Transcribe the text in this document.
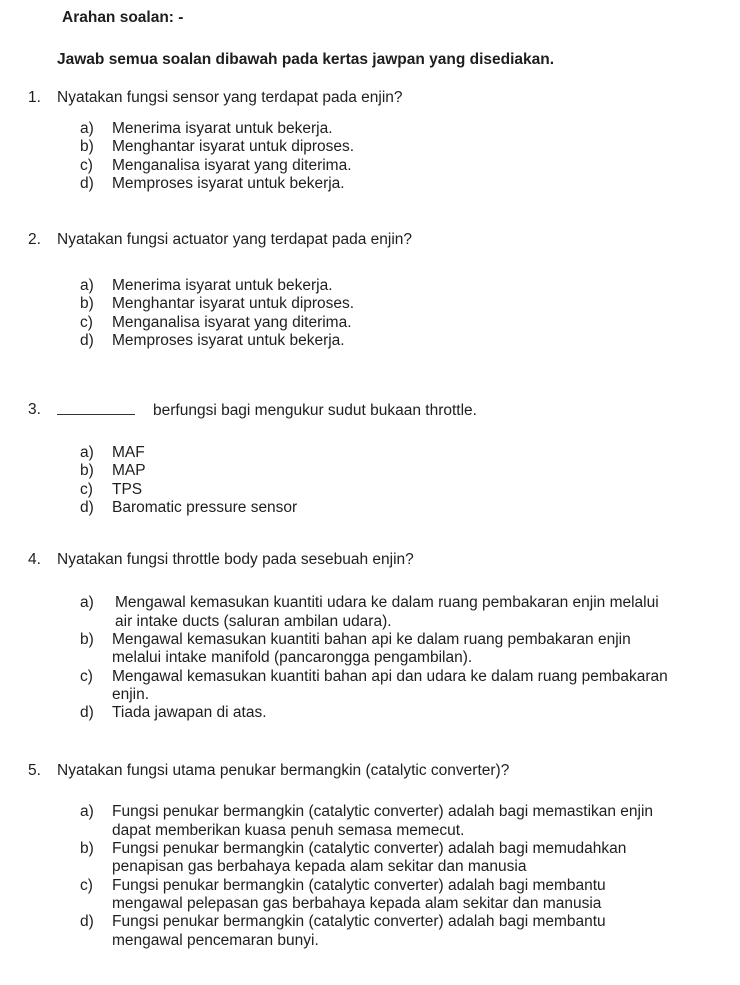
Arahan soalan: -
Jawab semua soalan dibawah pada kertas jawpan yang disediakan.
1. Nyatakan fungsi sensor yang terdapat pada enjin?
a) Menerima isyarat untuk bekerja.
b) Menghantar isyarat untuk diproses.
c) Menganalisa isyarat yang diterima.
d) Memproses isyarat untuk bekerja.
2. Nyatakan fungsi actuator yang terdapat pada enjin?
a) Menerima isyarat untuk bekerja.
b) Menghantar isyarat untuk diproses.
c) Menganalisa isyarat yang diterima.
d) Memproses isyarat untuk bekerja.
3.	berfungsi bagi mengukur sudut bukaan throttle.
a) MAF
b) MAP
c) TPS
d) Baromatic pressure sensor
4. Nyatakan fungsi throttle body pada sesebuah enjin?
a) Mengawal kemasukan kuantiti udara ke dalam ruang pembakaran enjin melalui
air intake ducts (saluran ambilan udara).
b) Mengawal kemasukan kuantiti bahan api ke dalam ruang pembakaran enjin
melalui intake manifold (pancarongga pengambilan).
c) Mengawal kemasukan kuantiti bahan api dan udara ke dalam ruang pembakaran
enjin.
d) Tiada jawapan di atas.
5. Nyatakan fungsi utama penukar bermangkin (catalytic converter)?
a) Fungsi penukar bermangkin (catalytic converter) adalah bagi memastikan enjin
dapat memberikan kuasa penuh semasa memecut.
b) Fungsi penukar bermangkin (catalytic converter) adalah bagi memudahkan
penapisan gas berbahaya kepada alam sekitar dan manusia
c) Fungsi penukar bermangkin (catalytic converter) adalah bagi membantu
mengawal pelepasan gas berbahaya kepada alam sekitar dan manusia
d) Fungsi penukar bermangkin (catalytic converter) adalah bagi membantu
mengawal pencemaran bunyi.
